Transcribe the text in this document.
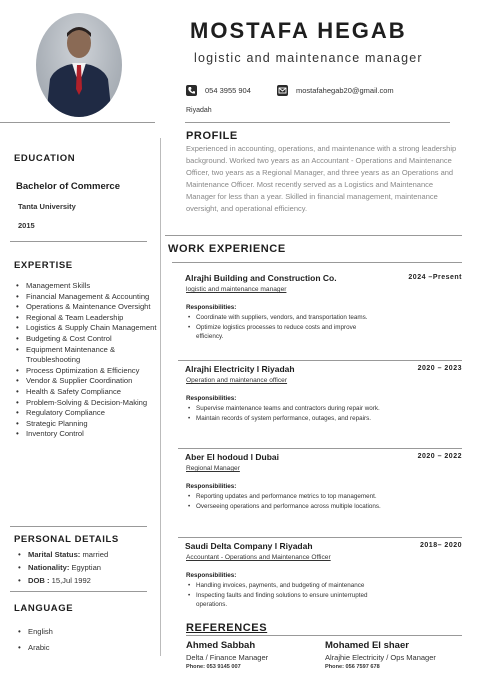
MOSTAFA HEGAB
logistic and maintenance manager
054 3955 904	mostafahegab20@gmail.com
Riyadah
EDUCATION
Bachelor of Commerce
Tanta University
2015
EXPERTISE
• Management Skills
• Financial Management & Accounting
• Operations & Maintenance Oversight
• Regional & Team Leadership
• Logistics & Supply Chain Management
• Budgeting & Cost Control
• Equipment Maintenance & Troubleshooting
• Process Optimization & Efficiency
• Vendor & Supplier Coordination
• Health & Safety Compliance
• Problem-Solving & Decision-Making
• Regulatory Compliance
• Strategic Planning
• Inventory Control
PERSONAL DETAILS
• Marital Status: married
• Nationality: Egyptian
• DOB : 15,Jul 1992
LANGUAGE
• English
• Arabic
PROFILE
Experienced in accounting, operations, and maintenance with a strong leadership background. Worked two years as an Accountant - Operations and Maintenance Officer, two years as a Regional Manager, and three years as an Operations and Maintenance Officer. Most recently served as a Logistics and Maintenance Manager for less than a year. Skilled in financial management, maintenance oversight, and operational efficiency.
WORK EXPERIENCE
Alrajhi Building and Construction Co.	2024 –Present
logistic and maintenance manager
Responsibilities:
• Coordinate with suppliers, vendors, and transportation teams.
• Optimize logistics processes to reduce costs and improve efficiency.
Alrajhi Electricity l Riyadah	2020 – 2023
Operation and maintenance officer
Responsibilities:
• Supervise maintenance teams and contractors during repair work.
• Maintain records of system performance, outages, and repairs.
Aber El hodoud l Dubai	2020 – 2022
Regional Manager
Responsibilities:
• Reporting updates and performance metrics to top management.
• Overseeing operations and performance across multiple locations.
Saudi Delta Company l Riyadah	2018– 2020
Accountant - Operations and Maintenance Officer
Responsibilities:
• Handling invoices, payments, and budgeting of maintenance
• Inspecting faults and finding solutions to ensure uninterrupted operations.
REFERENCES
Ahmed Sabbah
Delta / Finance Manager
Phone: 053 9145 007
Mohamed El shaer
Alrajhie Electricity / Ops Manager
Phone: 056 7597 678
